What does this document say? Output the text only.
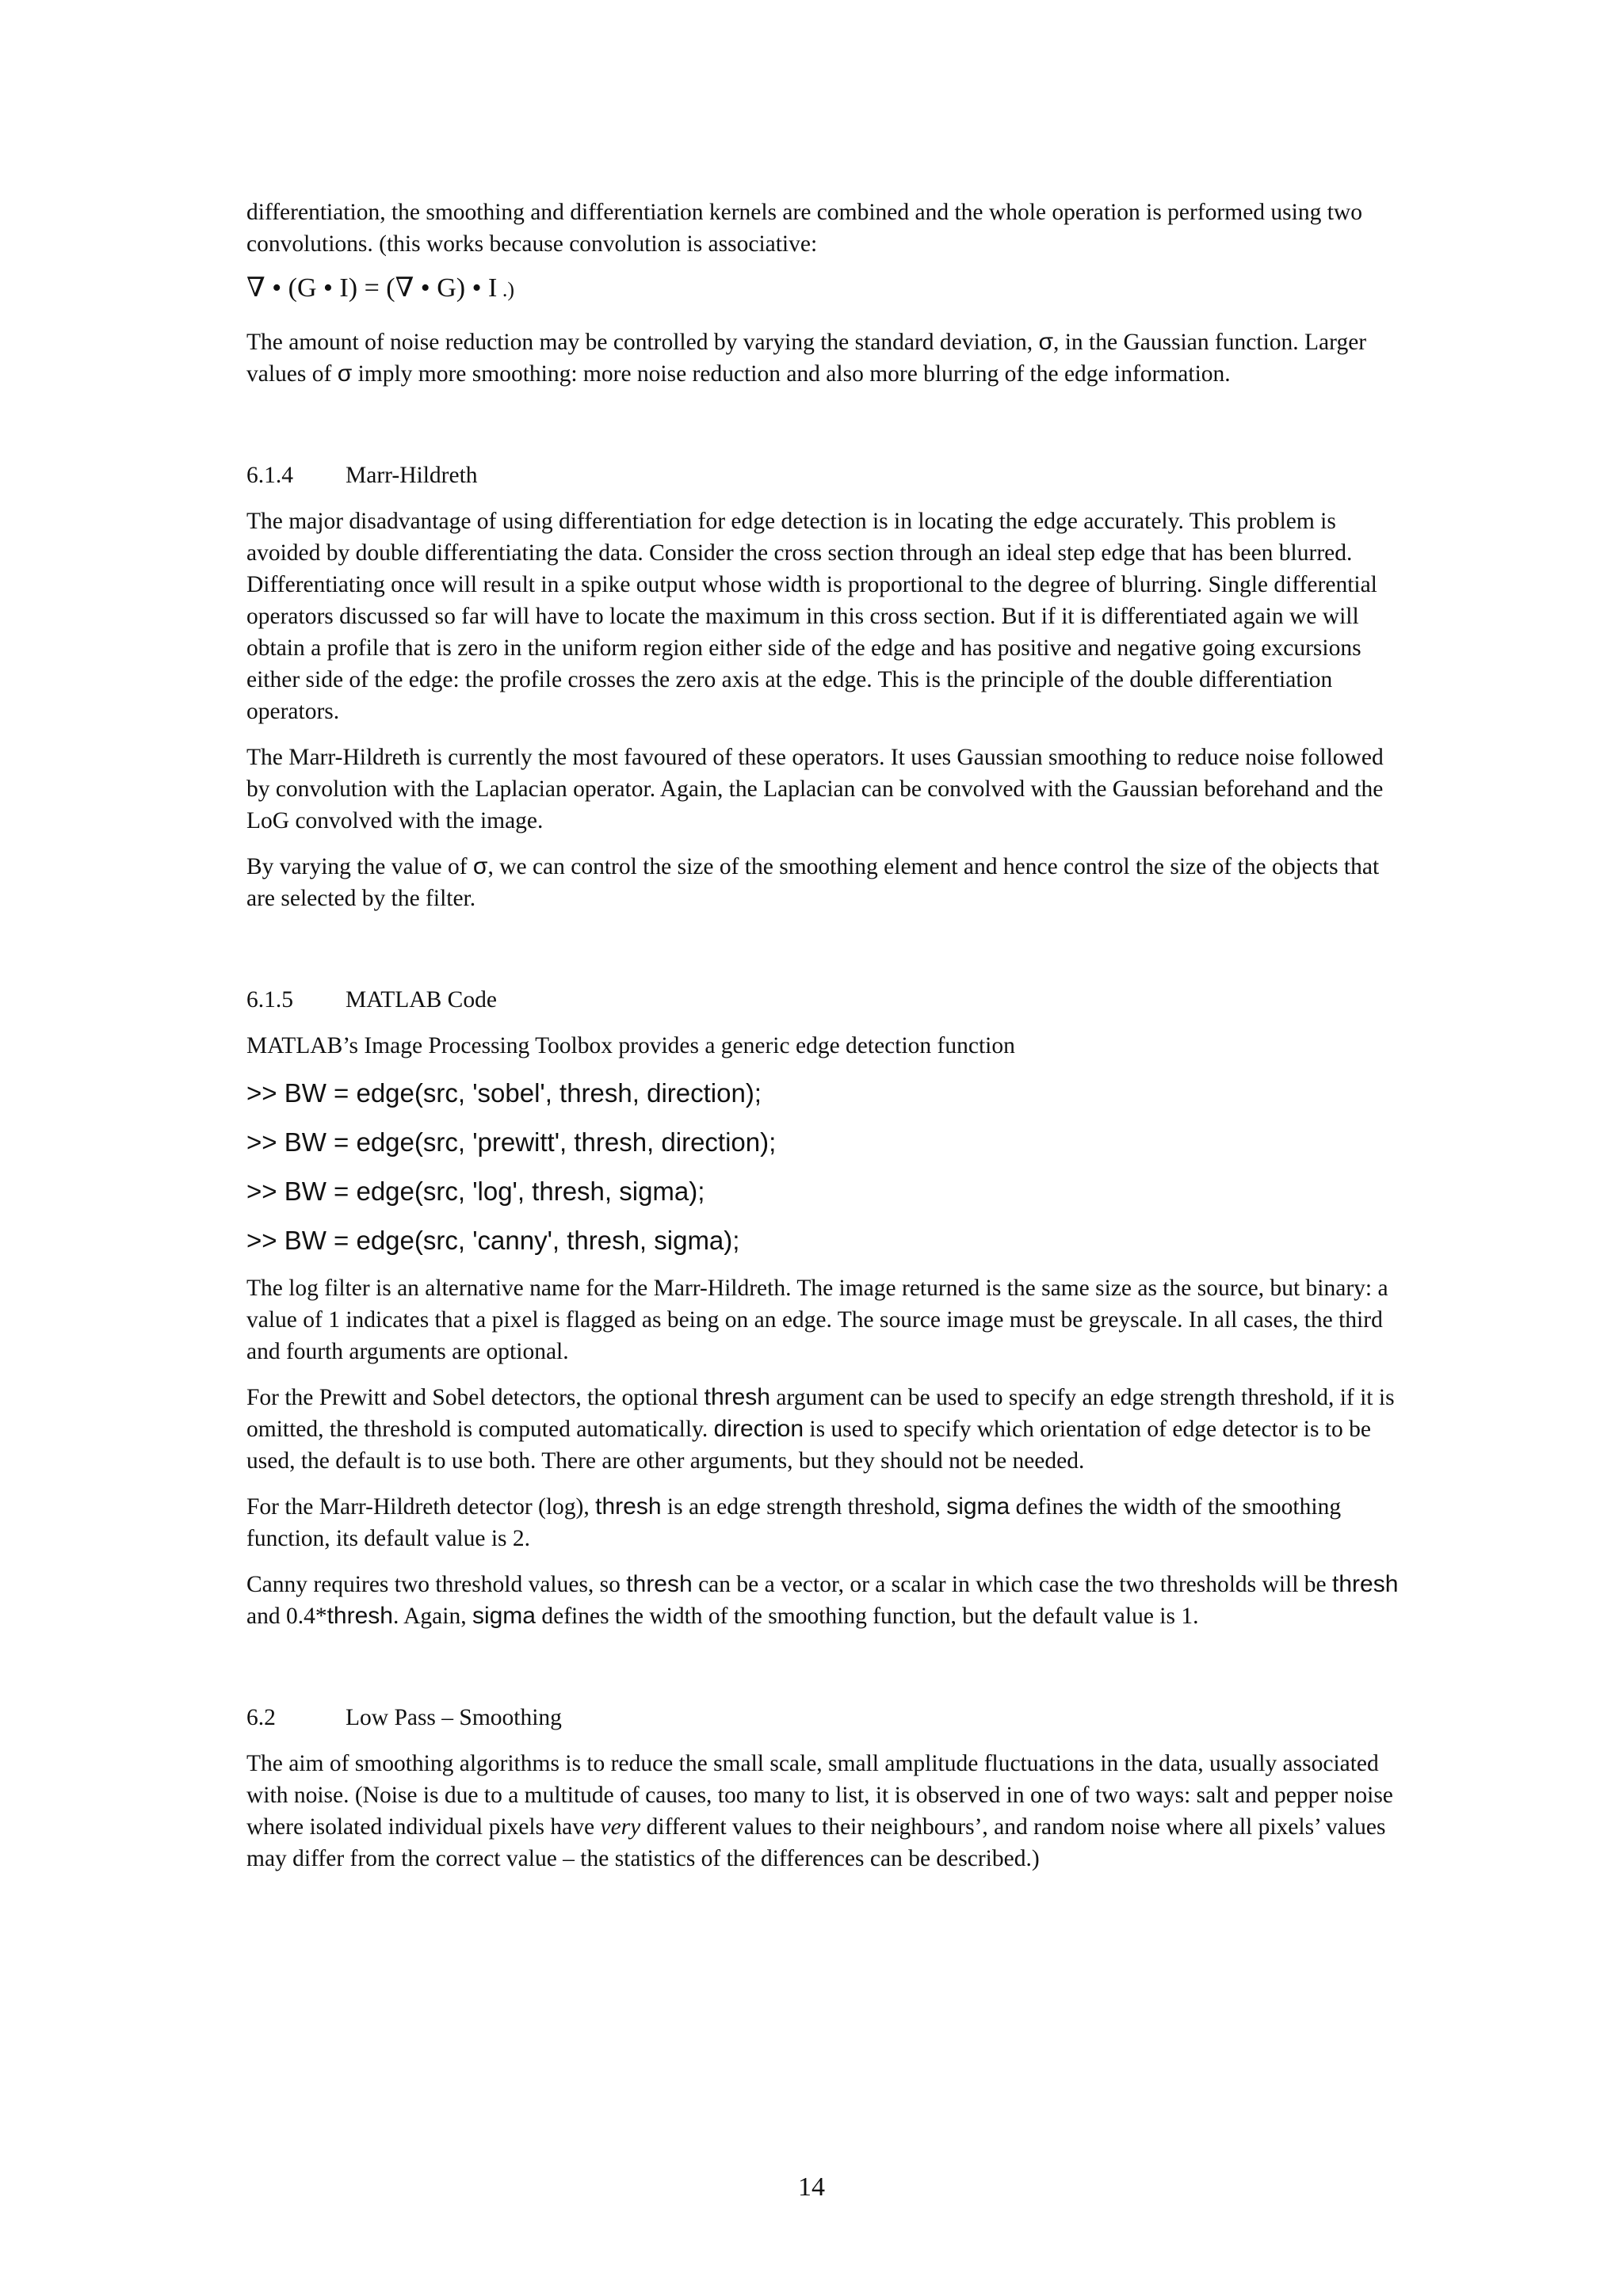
differentiation, the smoothing and differentiation kernels are combined and the whole operation is performed using two convolutions. (this works because convolution is associative:

∇ • (G • I) = (∇ • G) • I .)

The amount of noise reduction may be controlled by varying the standard deviation, σ, in the Gaussian function. Larger values of σ imply more smoothing: more noise reduction and also more blurring of the edge information.

6.1.4 Marr-Hildreth

The major disadvantage of using differentiation for edge detection is in locating the edge accurately. This problem is avoided by double differentiating the data. Consider the cross section through an ideal step edge that has been blurred. Differentiating once will result in a spike output whose width is proportional to the degree of blurring. Single differential operators discussed so far will have to locate the maximum in this cross section. But if it is differentiated again we will obtain a profile that is zero in the uniform region either side of the edge and has positive and negative going excursions either side of the edge: the profile crosses the zero axis at the edge. This is the principle of the double differentiation operators.

The Marr-Hildreth is currently the most favoured of these operators. It uses Gaussian smoothing to reduce noise followed by convolution with the Laplacian operator. Again, the Laplacian can be convolved with the Gaussian beforehand and the LoG convolved with the image.

By varying the value of σ, we can control the size of the smoothing element and hence control the size of the objects that are selected by the filter.

6.1.5 MATLAB Code

MATLAB’s Image Processing Toolbox provides a generic edge detection function

>> BW = edge(src, 'sobel', thresh, direction);

>> BW = edge(src, 'prewitt', thresh, direction);

>> BW = edge(src, 'log', thresh, sigma);

>> BW = edge(src, 'canny', thresh, sigma);

The log filter is an alternative name for the Marr-Hildreth. The image returned is the same size as the source, but binary: a value of 1 indicates that a pixel is flagged as being on an edge. The source image must be greyscale. In all cases, the third and fourth arguments are optional.

For the Prewitt and Sobel detectors, the optional thresh argument can be used to specify an edge strength threshold, if it is omitted, the threshold is computed automatically. direction is used to specify which orientation of edge detector is to be used, the default is to use both. There are other arguments, but they should not be needed.

For the Marr-Hildreth detector (log), thresh is an edge strength threshold, sigma defines the width of the smoothing function, its default value is 2.

Canny requires two threshold values, so thresh can be a vector, or a scalar in which case the two thresholds will be thresh and 0.4*thresh. Again, sigma defines the width of the smoothing function, but the default value is 1.

6.2	Low Pass – Smoothing

The aim of smoothing algorithms is to reduce the small scale, small amplitude fluctuations in the data, usually associated with noise. (Noise is due to a multitude of causes, too many to list, it is observed in one of two ways: salt and pepper noise where isolated individual pixels have very different values to their neighbours’, and random noise where all pixels’ values may differ from the correct value – the statistics of the differences can be described.)

14
